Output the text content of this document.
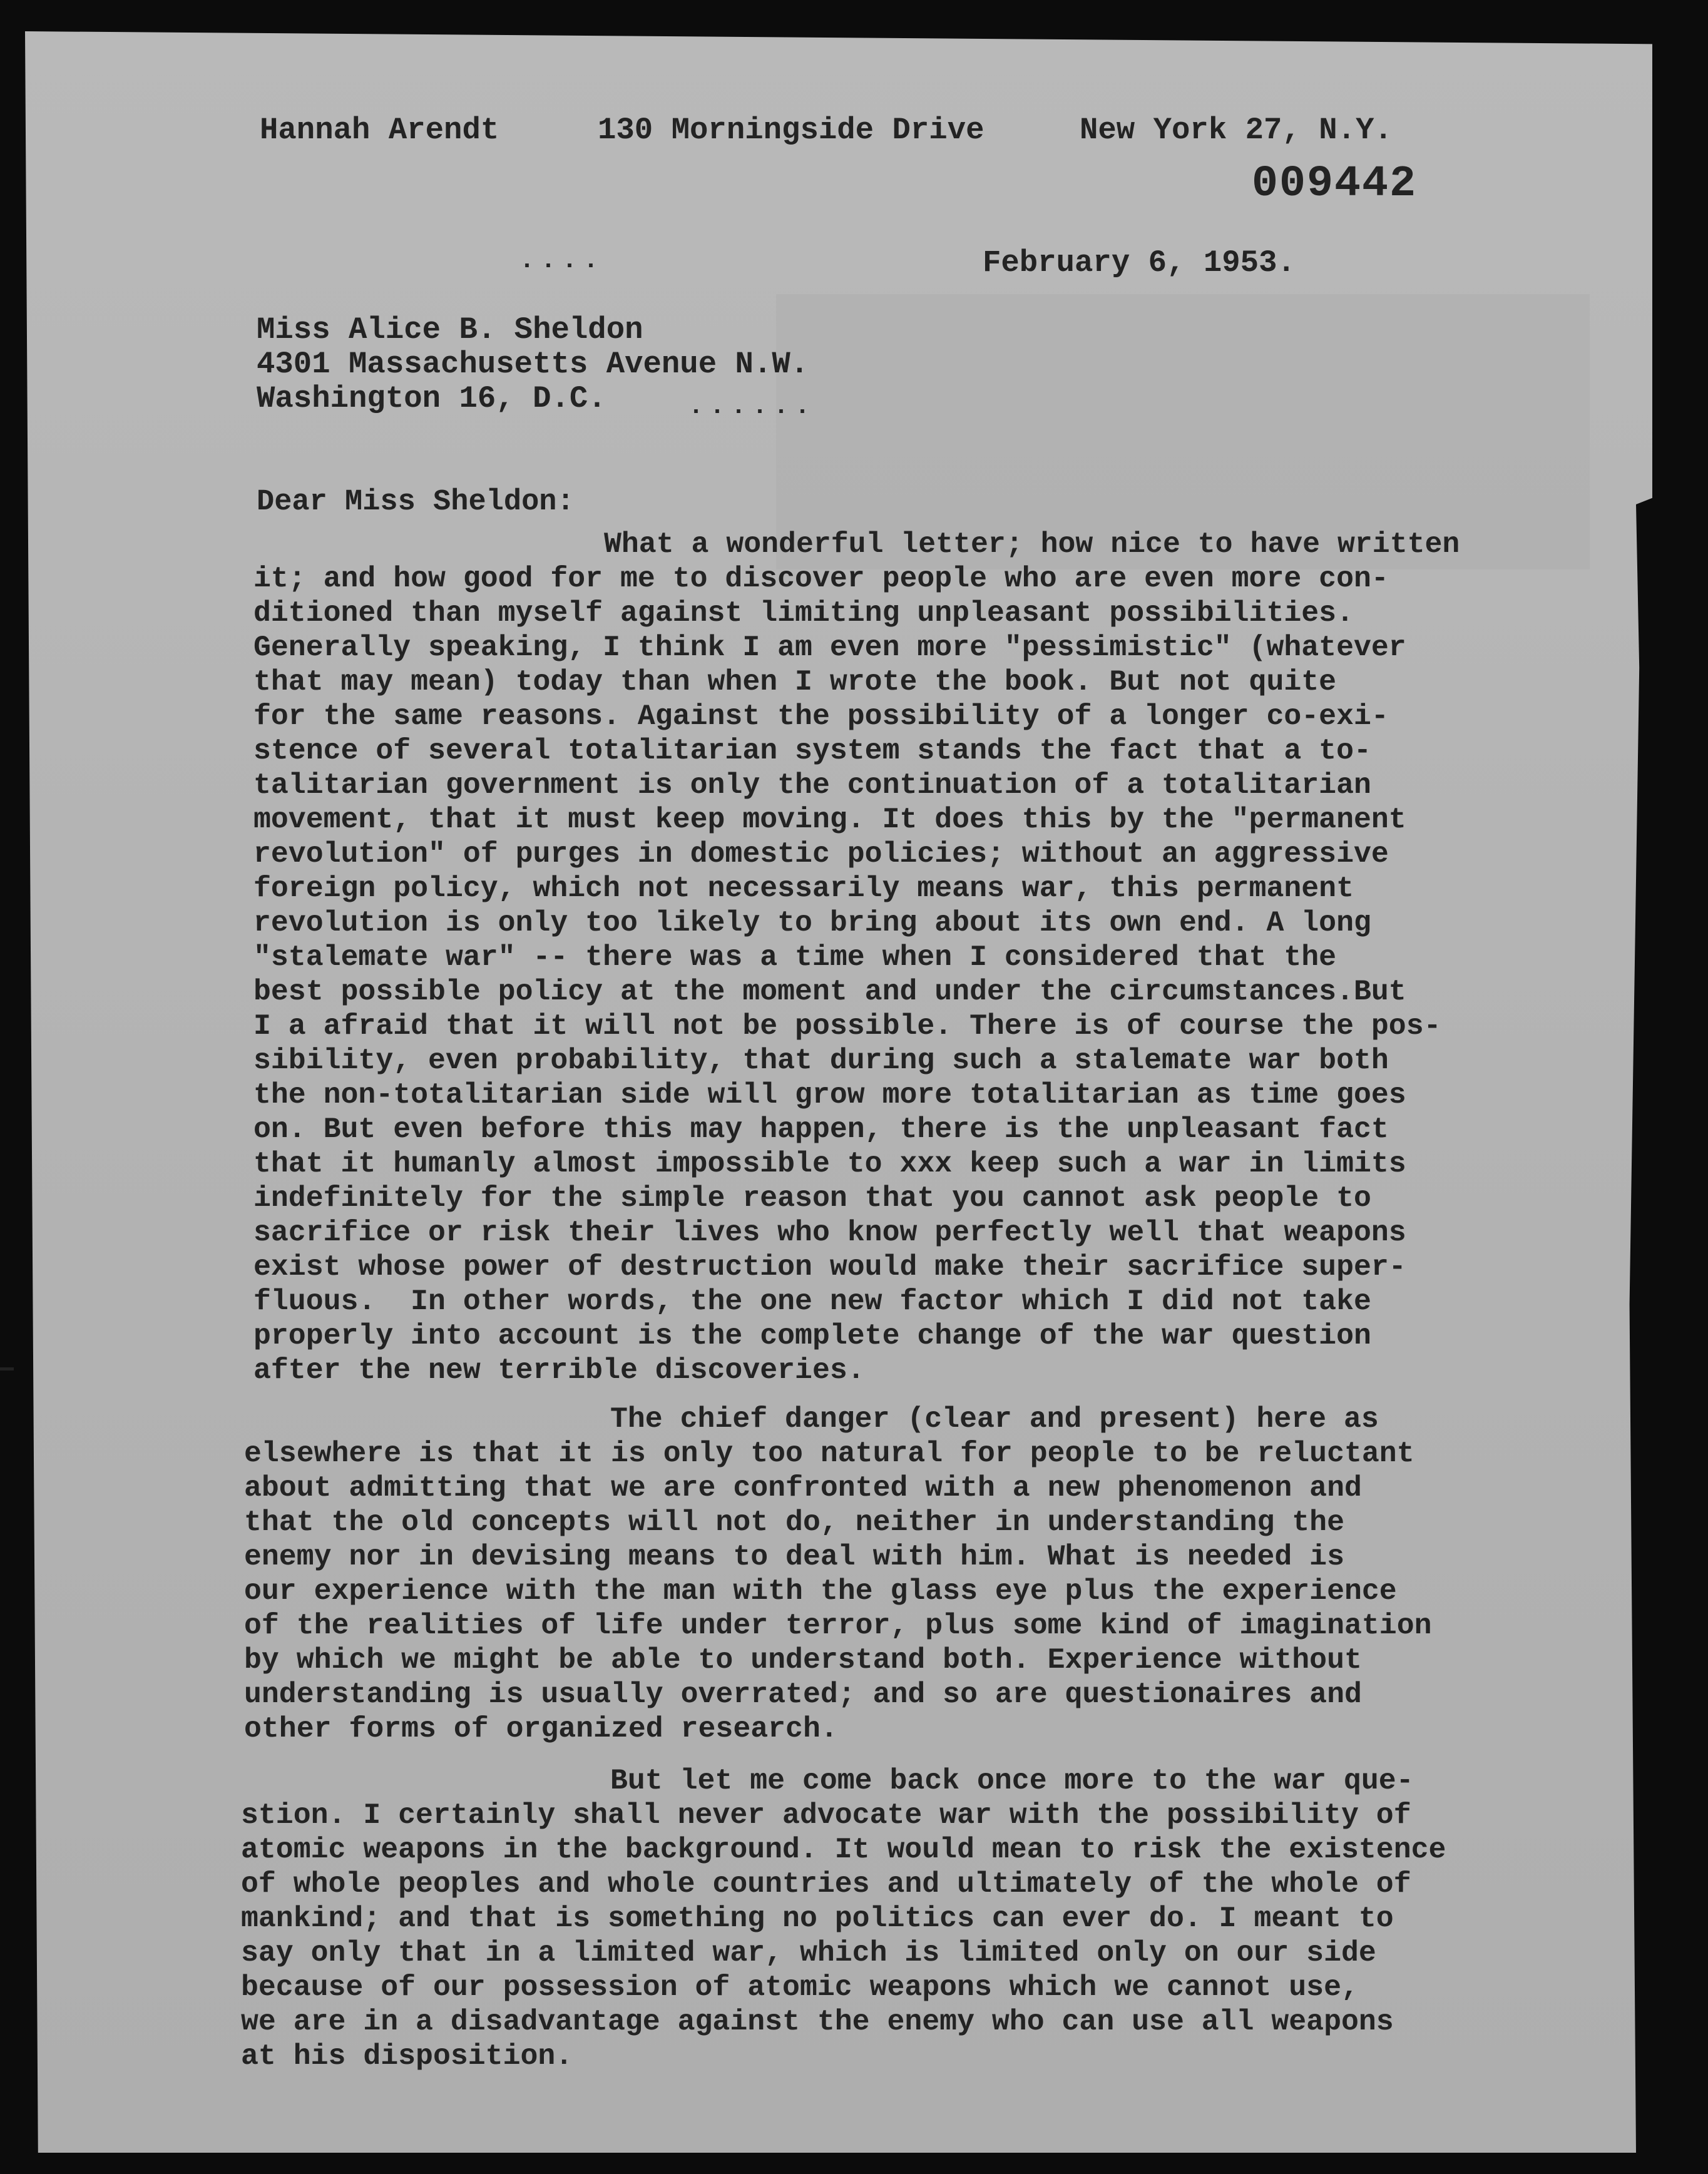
Hannah Arendt	130 Morningside Drive	New York 27, N.Y.
009442
....	February 6, 1953.
Miss Alice B. Sheldon
4301 Massachusetts Avenue N.W.
Washington 16, D.C.	......
Dear Miss Sheldon:
What a wonderful letter; how nice to have written
it; and how good for me to discover people who are even more con-
ditioned than myself against limiting unpleasant possibilities.
Generally speaking, I think I am even more "pessimistic" (whatever
that may mean) today than when I wrote the book. But not quite
for the same reasons. Against the possibility of a longer co-exi-
stence of several totalitarian system stands the fact that a to-
talitarian government is only the continuation of a totalitarian
movement, that it must keep moving. It does this by the "permanent
revolution" of purges in domestic policies; without an aggressive
foreign policy, which not necessarily means war, this permanent
revolution is only too likely to bring about its own end. A long
"stalemate war" -- there was a time when I considered that the
best possible policy at the moment and under the circumstances.But
I a afraid that it will not be possible. There is of course the pos-
sibility, even probability, that during such a stalemate war both
the non-totalitarian side will grow more totalitarian as time goes
on. But even before this may happen, there is the unpleasant fact
that it humanly almost impossible to xxx keep such a war in limits
indefinitely for the simple reason that you cannot ask people to
sacrifice or risk their lives who know perfectly well that weapons
exist whose power of destruction would make their sacrifice super-
fluous.  In other words, the one new factor which I did not take
properly into account is the complete change of the war question
after the new terrible discoveries.
The chief danger (clear and present) here as
elsewhere is that it is only too natural for people to be reluctant
about admitting that we are confronted with a new phenomenon and
that the old concepts will not do, neither in understanding the
enemy nor in devising means to deal with him. What is needed is
our experience with the man with the glass eye plus the experience
of the realities of life under terror, plus some kind of imagination
by which we might be able to understand both. Experience without
understanding is usually overrated; and so are questionaires and
other forms of organized research.
But let me come back once more to the war que-
stion. I certainly shall never advocate war with the possibility of
atomic weapons in the background. It would mean to risk the existence
of whole peoples and whole countries and ultimately of the whole of
mankind; and that is something no politics can ever do. I meant to
say only that in a limited war, which is limited only on our side
because of our possession of atomic weapons which we cannot use,
we are in a disadvantage against the enemy who can use all weapons
at his disposition.
